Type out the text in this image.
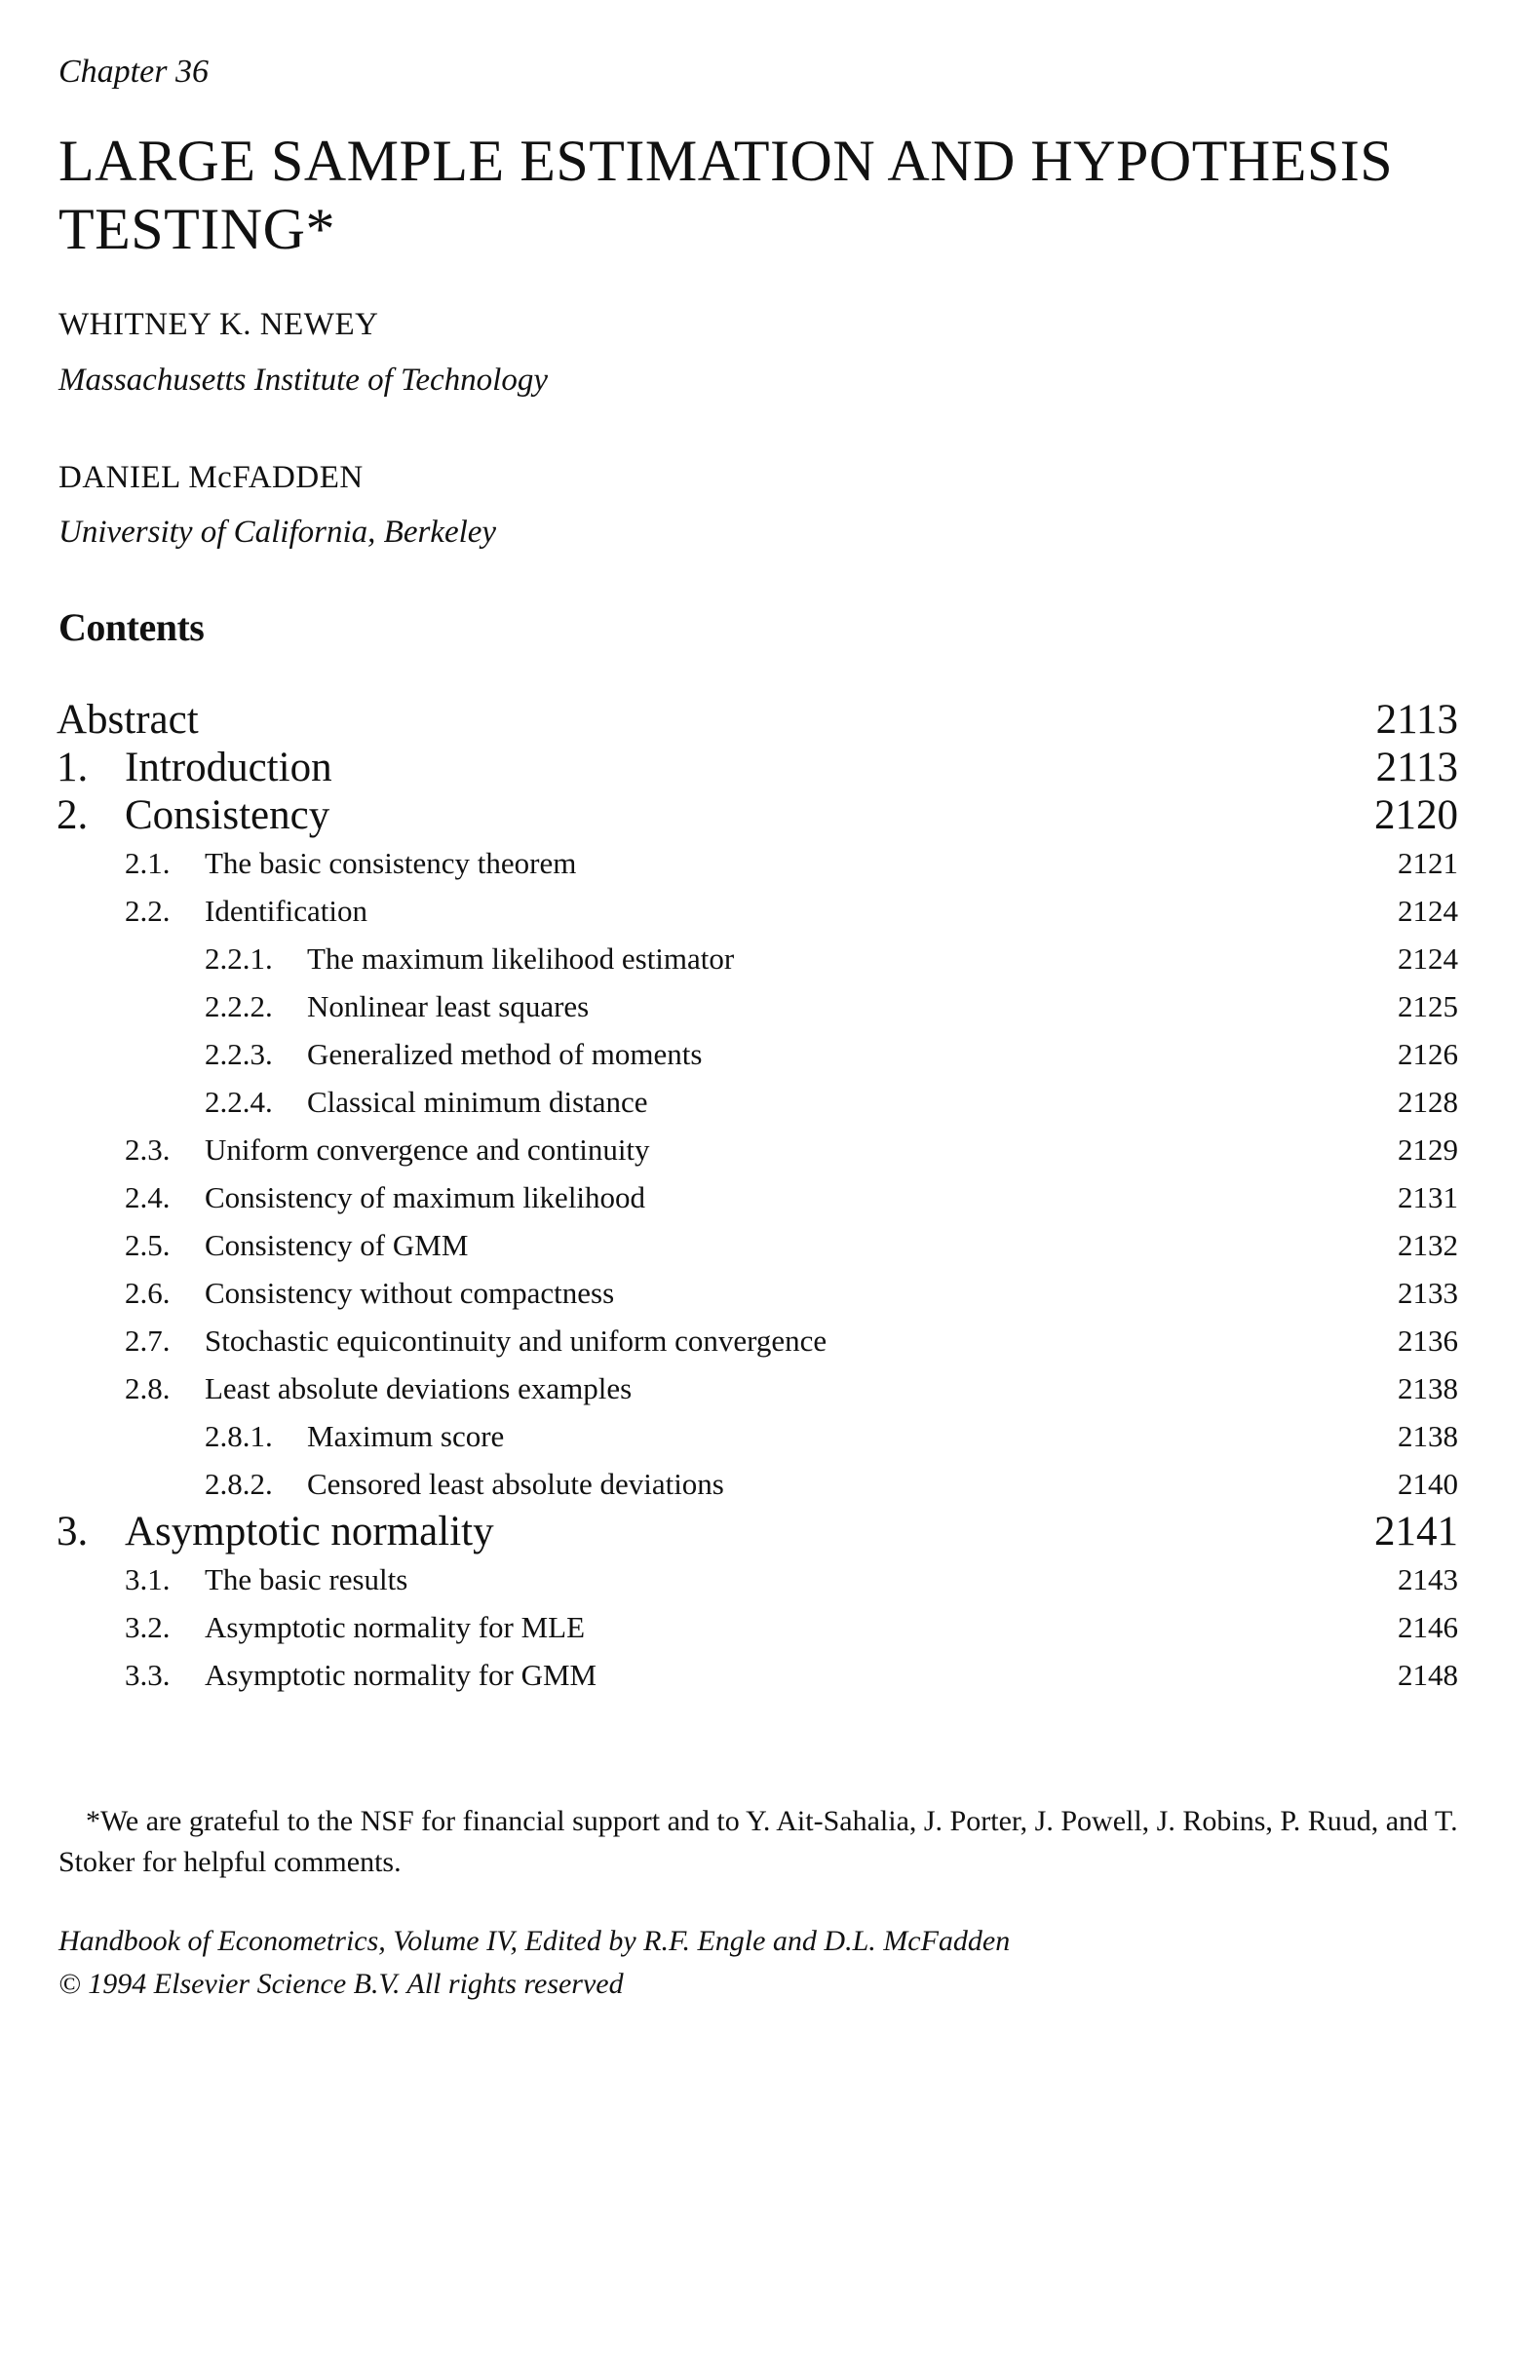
Chapter 36
LARGE SAMPLE ESTIMATION AND HYPOTHESIS TESTING*
WHITNEY K. NEWEY
Massachusetts Institute of Technology
DANIEL McFADDEN
University of California, Berkeley
Contents
Abstract	2113
1. Introduction	2113
2. Consistency	2120
2.1. The basic consistency theorem	2121
2.2. Identification	2124
2.2.1. The maximum likelihood estimator	2124
2.2.2. Nonlinear least squares	2125
2.2.3. Generalized method of moments	2126
2.2.4. Classical minimum distance	2128
2.3. Uniform convergence and continuity	2129
2.4. Consistency of maximum likelihood	2131
2.5. Consistency of GMM	2132
2.6. Consistency without compactness	2133
2.7. Stochastic equicontinuity and uniform convergence	2136
2.8. Least absolute deviations examples	2138
2.8.1. Maximum score	2138
2.8.2. Censored least absolute deviations	2140
3. Asymptotic normality	2141
3.1. The basic results	2143
3.2. Asymptotic normality for MLE	2146
3.3. Asymptotic normality for GMM	2148
*We are grateful to the NSF for financial support and to Y. Ait-Sahalia, J. Porter, J. Powell, J. Robins, P. Ruud, and T. Stoker for helpful comments.
Handbook of Econometrics, Volume IV, Edited by R.F. Engle and D.L. McFadden
© 1994 Elsevier Science B.V. All rights reserved
